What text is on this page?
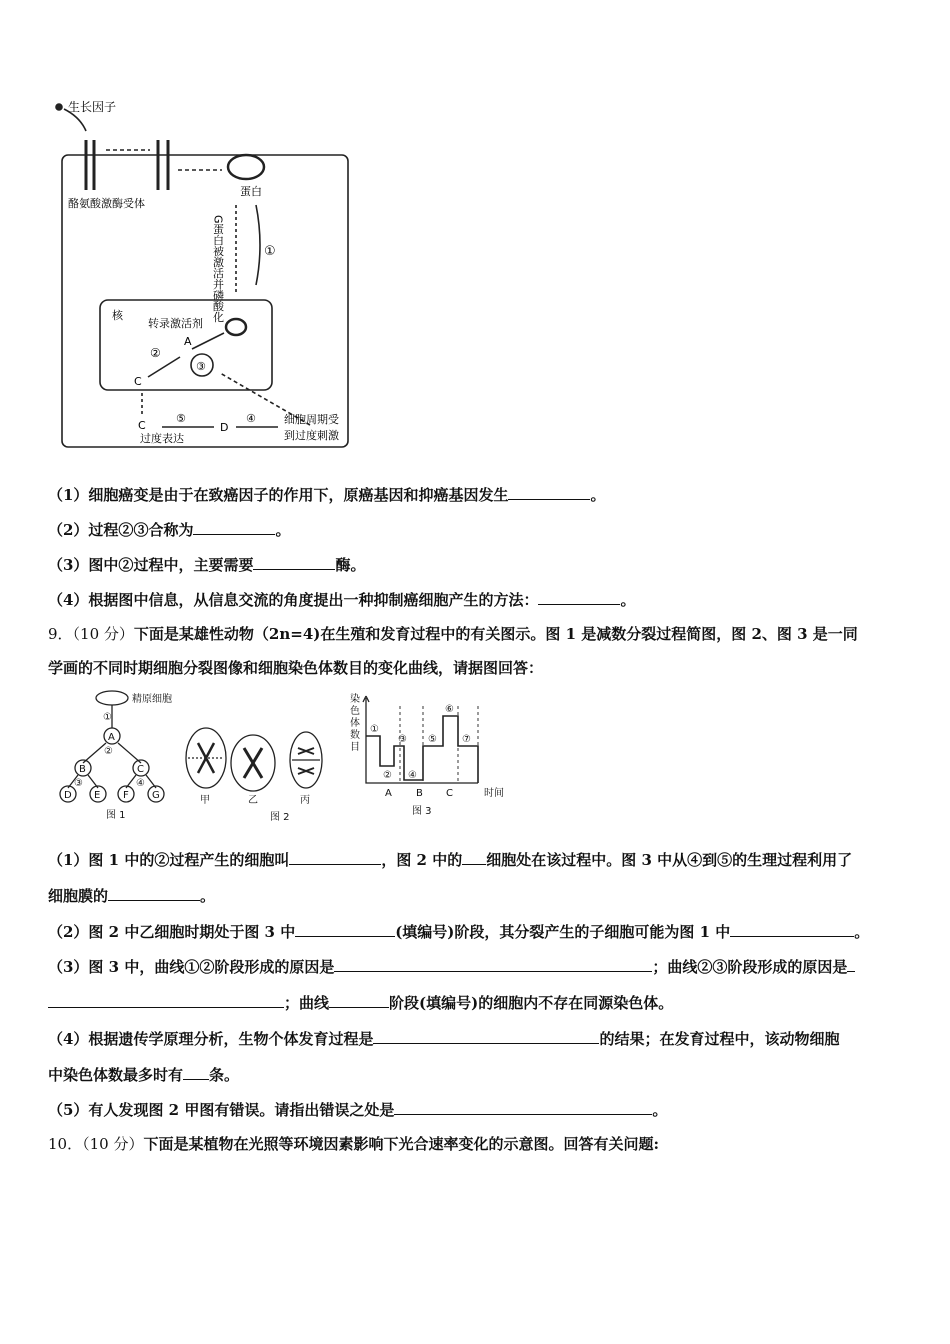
生长因子
酪氨酸激酶受体
蛋白
G蛋白被激活并磷酸化	①
核
转录激活剂
A
②
③
C
C
⑤
过度表达
D
④	细胞周期受
到过度刺激
（1）细胞癌变是由于在致癌因子的作用下，原癌基因和抑癌基因发生	。
（2）过程②③合称为	。
（3）图中②过程中，主要需要	酶。
（4）根据图中信息，从信息交流的角度提出一种抑制癌细胞产生的方法：	。
9．（10 分）下面是某雄性动物（2n=4)在生殖和发育过程中的有关图示。图 1 是减数分裂过程简图，图 2、图 3 是一同
学画的不同时期细胞分裂图像和细胞染色体数目的变化曲线，请据图回答：
精原细胞
①
A
②
B	C
③	④
D E F G
图 1
甲	乙	丙
图 2
染
色
体
数
目
①
②
③
④
⑤
⑥
⑦
A B C	时间
图 3
（1）图 1 中的②过程产生的细胞叫	，图 2 中的 细胞处在该过程中。图 3 中从④到⑤的生理过程利用了
细胞膜的	。
（2）图 2 中乙细胞时期处于图 3 中	(填编号)阶段，其分裂产生的子细胞可能为图 1 中	。
（3）图 3 中，曲线①②阶段形成的原因是	；曲线②③阶段形成的原因是
；曲线	阶段(填编号)的细胞内不存在同源染色体。
（4）根据遗传学原理分析，生物个体发育过程是	的结果；在发育过程中，该动物细胞
中染色体数最多时有 条。
（5）有人发现图 2 甲图有错误。请指出错误之处是	。
10．（10 分）下面是某植物在光照等环境因素影响下光合速率变化的示意图。回答有关问题:
